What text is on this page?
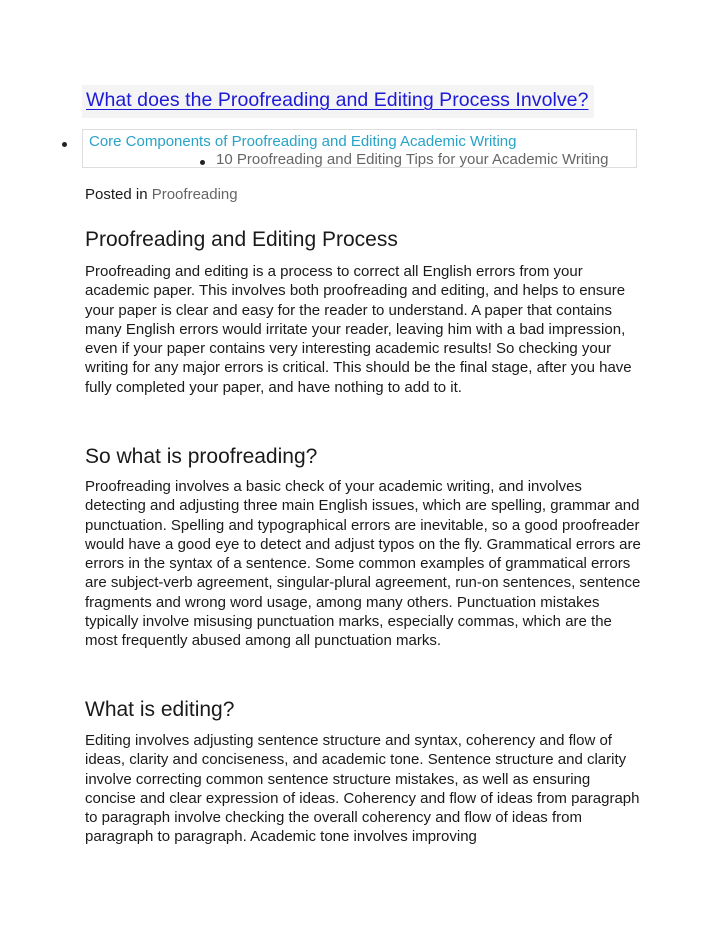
What does the Proofreading and Editing Process Involve?
Core Components of Proofreading and Editing Academic Writing
10 Proofreading and Editing Tips for your Academic Writing
Posted in Proofreading
Proofreading and Editing Process

Proofreading and editing is a process to correct all English errors from your academic paper. This involves both proofreading and editing, and helps to ensure your paper is clear and easy for the reader to understand. A paper that contains many English errors would irritate your reader, leaving him with a bad impression, even if your paper contains very interesting academic results! So checking your writing for any major errors is critical. This should be the final stage, after you have fully completed your paper, and have nothing to add to it.

So what is proofreading?

Proofreading involves a basic check of your academic writing, and involves detecting and adjusting three main English issues, which are spelling, grammar and punctuation. Spelling and typographical errors are inevitable, so a good proofreader would have a good eye to detect and adjust typos on the fly. Grammatical errors are errors in the syntax of a sentence. Some common examples of grammatical errors are subject-verb agreement, singular-plural agreement, run-on sentences, sentence fragments and wrong word usage, among many others. Punctuation mistakes typically involve misusing punctuation marks, especially commas, which are the most frequently abused among all punctuation marks.

What is editing?

Editing involves adjusting sentence structure and syntax, coherency and flow of ideas, clarity and conciseness, and academic tone. Sentence structure and clarity involve correcting common sentence structure mistakes, as well as ensuring concise and clear expression of ideas. Coherency and flow of ideas from paragraph to paragraph involve checking the overall coherency and flow of ideas from paragraph to paragraph. Academic tone involves improving
